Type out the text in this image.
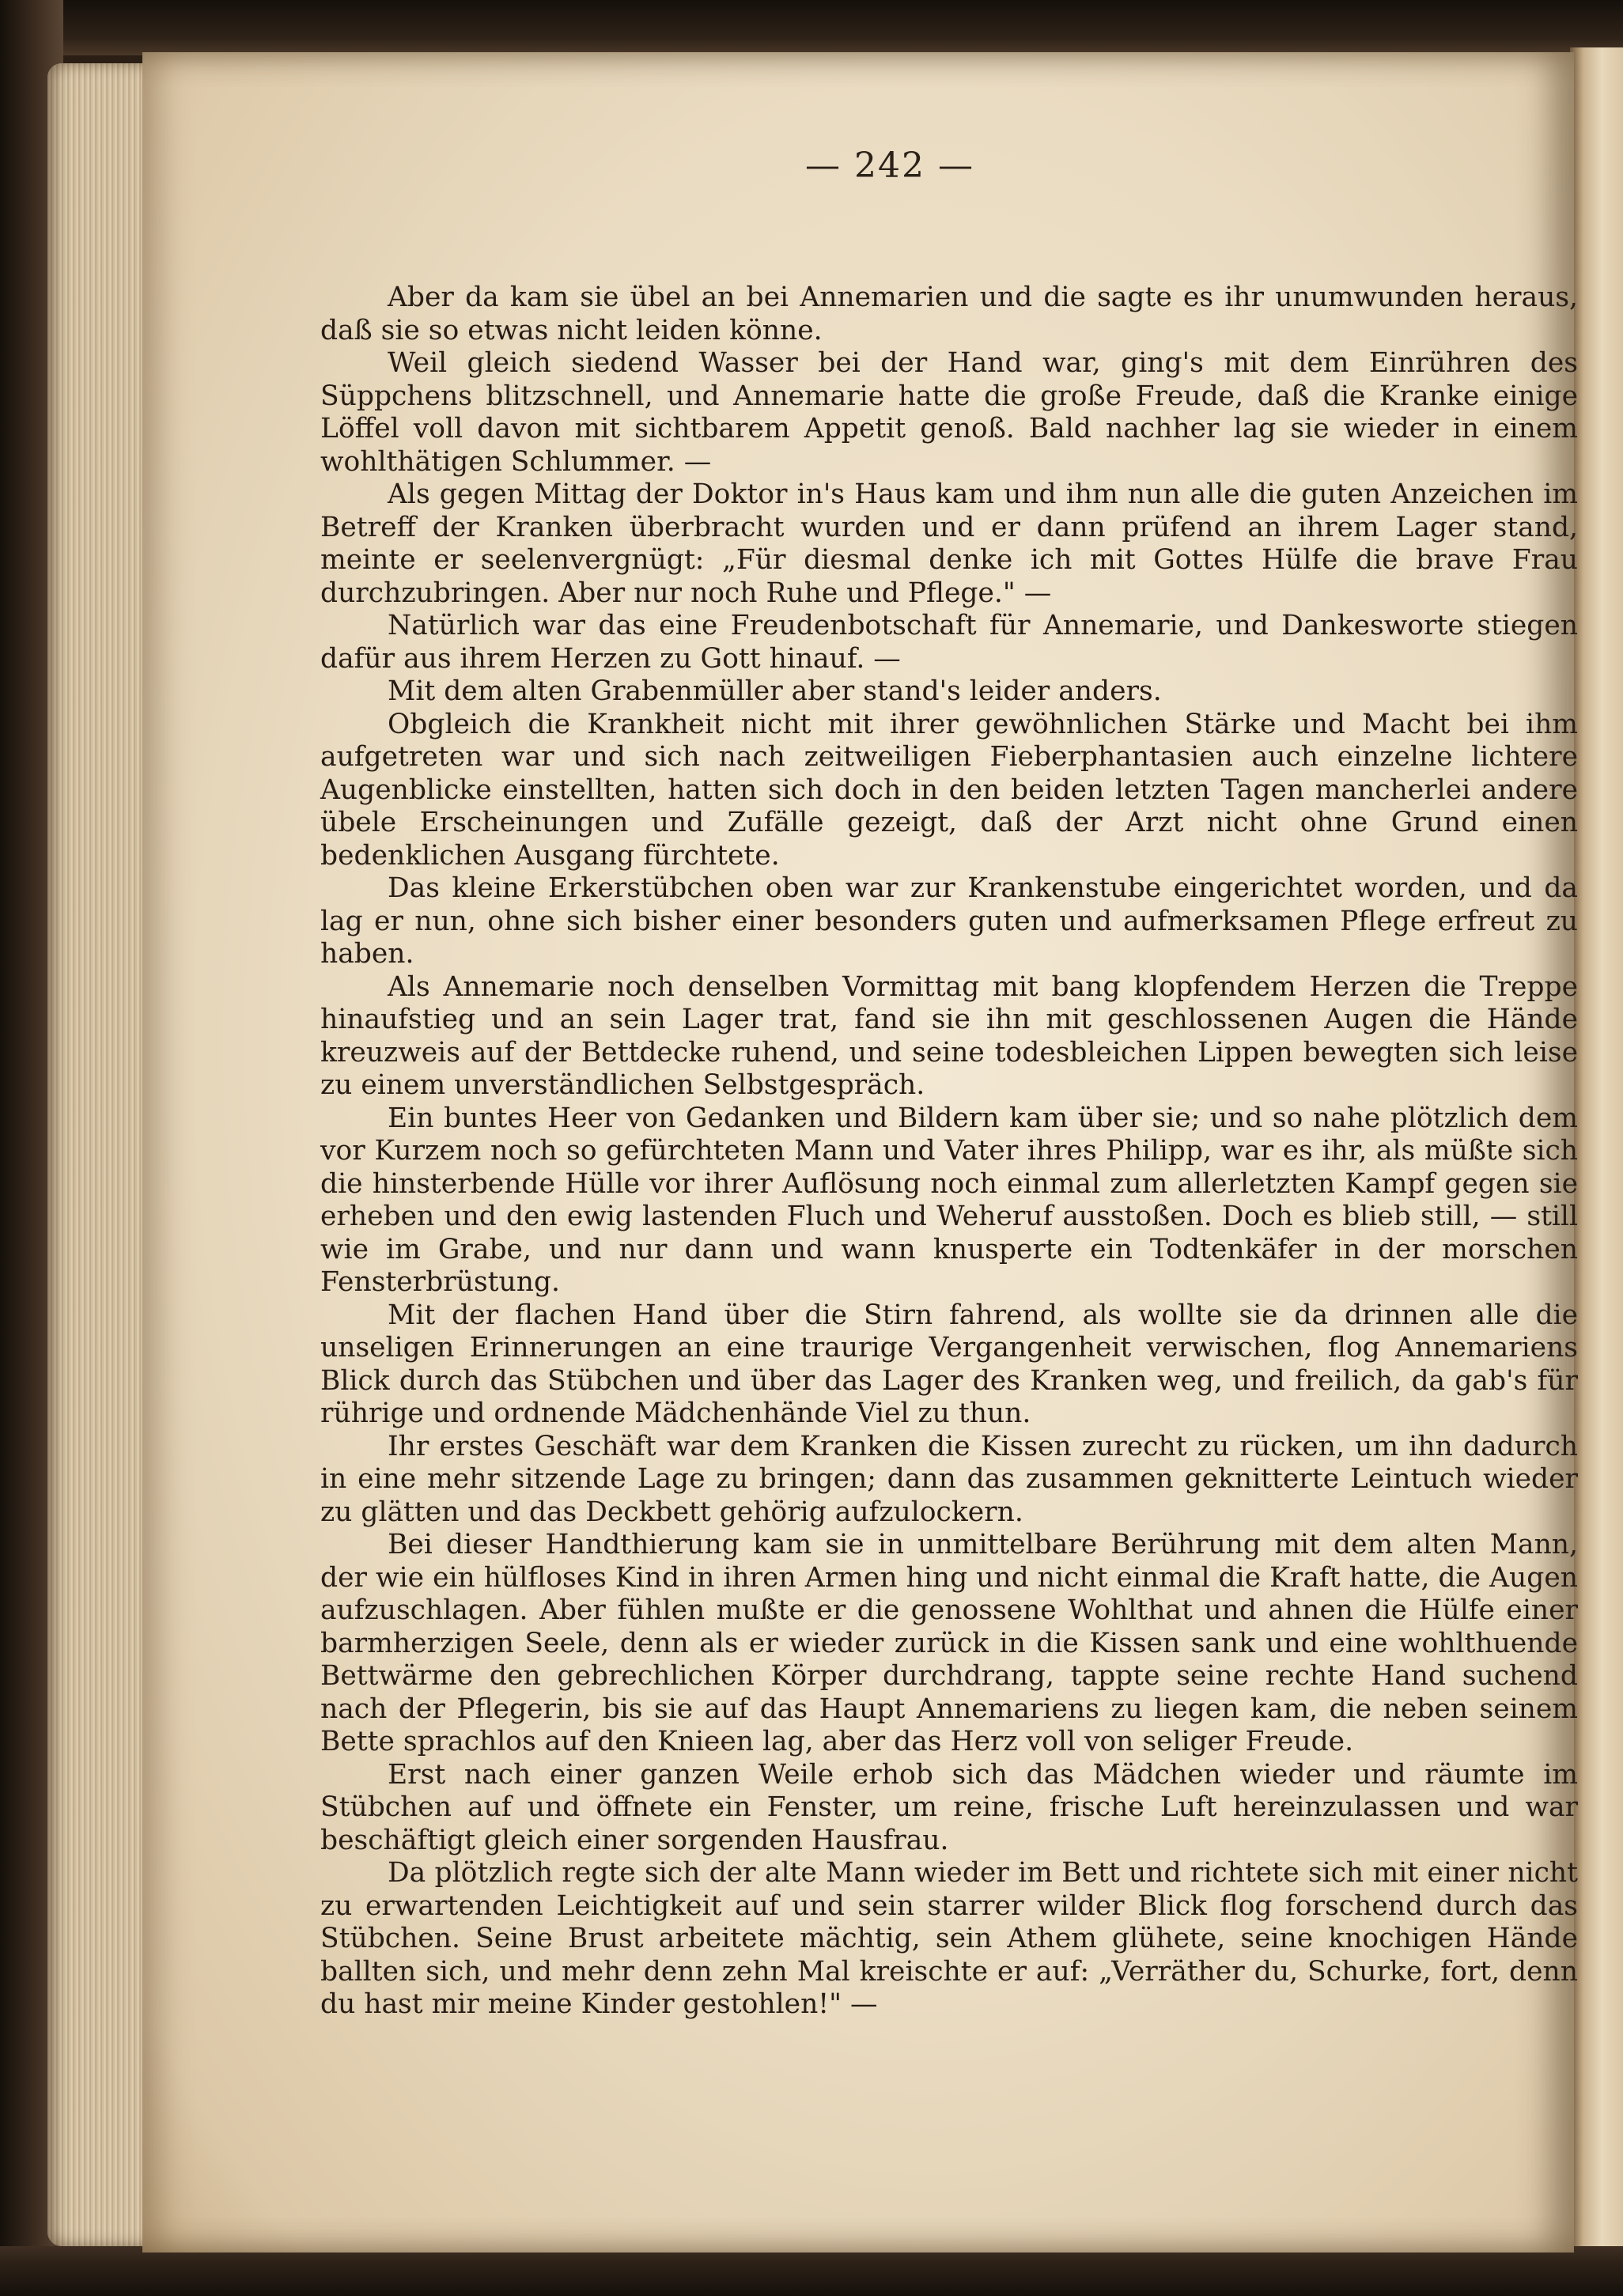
— 242 —

Aber da kam sie übel an bei Annemarien und die sagte es ihr unumwunden heraus, daß sie so etwas nicht leiden könne.

Weil gleich siedend Wasser bei der Hand war, ging's mit dem Einrühren des Süppchens blitzschnell, und Annemarie hatte die große Freude, daß die Kranke einige Löffel voll davon mit sichtbarem Appetit genoß. Bald nachher lag sie wieder in einem wohlthätigen Schlummer. —

Als gegen Mittag der Doktor in's Haus kam und ihm nun alle die guten Anzeichen im Betreff der Kranken überbracht wurden und er dann prüfend an ihrem Lager stand, meinte er seelenvergnügt: „Für diesmal denke ich mit Gottes Hülfe die brave Frau durchzubringen. Aber nur noch Ruhe und Pflege." —

Natürlich war das eine Freudenbotschaft für Annemarie, und Dankesworte stiegen dafür aus ihrem Herzen zu Gott hinauf. —

Mit dem alten Grabenmüller aber stand's leider anders.

Obgleich die Krankheit nicht mit ihrer gewöhnlichen Stärke und Macht bei ihm aufgetreten war und sich nach zeitweiligen Fieberphantasien auch einzelne lichtere Augenblicke einstellten, hatten sich doch in den beiden letzten Tagen mancherlei andere übele Erscheinungen und Zufälle gezeigt, daß der Arzt nicht ohne Grund einen bedenklichen Ausgang fürchtete.

Das kleine Erkerstübchen oben war zur Krankenstube eingerichtet worden, und da lag er nun, ohne sich bisher einer besonders guten und aufmerksamen Pflege erfreut zu haben.

Als Annemarie noch denselben Vormittag mit bang klopfendem Herzen die Treppe hinaufstieg und an sein Lager trat, fand sie ihn mit geschlossenen Augen die Hände kreuzweis auf der Bettdecke ruhend, und seine todesbleichen Lippen bewegten sich leise zu einem unverständlichen Selbstgespräch.

Ein buntes Heer von Gedanken und Bildern kam über sie; und so nahe plötzlich dem vor Kurzem noch so gefürchteten Mann und Vater ihres Philipp, war es ihr, als müßte sich die hinsterbende Hülle vor ihrer Auflösung noch einmal zum allerletzten Kampf gegen sie erheben und den ewig lastenden Fluch und Weheruf ausstoßen. Doch es blieb still, — still wie im Grabe, und nur dann und wann knusperte ein Todtenkäfer in der morschen Fensterbrüstung.

Mit der flachen Hand über die Stirn fahrend, als wollte sie da drinnen alle die unseligen Erinnerungen an eine traurige Vergangenheit verwischen, flog Annemariens Blick durch das Stübchen und über das Lager des Kranken weg, und freilich, da gab's für rührige und ordnende Mädchenhände Viel zu thun.

Ihr erstes Geschäft war dem Kranken die Kissen zurecht zu rücken, um ihn dadurch in eine mehr sitzende Lage zu bringen; dann das zusammen geknitterte Leintuch wieder zu glätten und das Deckbett gehörig aufzulockern.

Bei dieser Handthierung kam sie in unmittelbare Berührung mit dem alten Mann, der wie ein hülfloses Kind in ihren Armen hing und nicht einmal die Kraft hatte, die Augen aufzuschlagen. Aber fühlen mußte er die genossene Wohlthat und ahnen die Hülfe einer barmherzigen Seele, denn als er wieder zurück in die Kissen sank und eine wohlthuende Bettwärme den gebrechlichen Körper durchdrang, tappte seine rechte Hand suchend nach der Pflegerin, bis sie auf das Haupt Annemariens zu liegen kam, die neben seinem Bette sprachlos auf den Knieen lag, aber das Herz voll von seliger Freude.

Erst nach einer ganzen Weile erhob sich das Mädchen wieder und räumte im Stübchen auf und öffnete ein Fenster, um reine, frische Luft hereinzulassen und war beschäftigt gleich einer sorgenden Hausfrau.

Da plötzlich regte sich der alte Mann wieder im Bett und richtete sich mit einer nicht zu erwartenden Leichtigkeit auf und sein starrer wilder Blick flog forschend durch das Stübchen. Seine Brust arbeitete mächtig, sein Athem glühete, seine knochigen Hände ballten sich, und mehr denn zehn Mal kreischte er auf: „Verräther du, Schurke, fort, denn du hast mir meine Kinder gestohlen!" —
